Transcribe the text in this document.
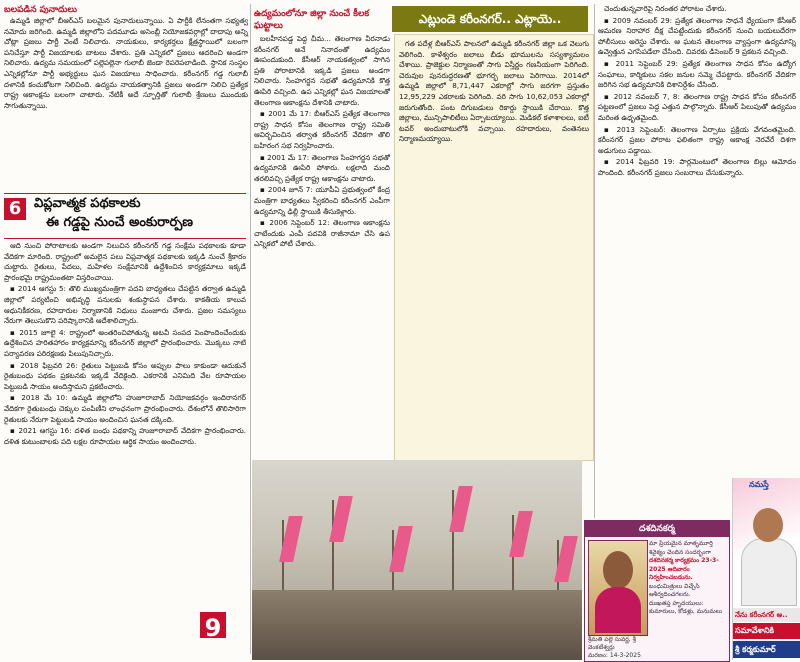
బలపడిన పునాదులు

ఉమ్మడి జిల్లాలో బీఆర్ఎస్ బలమైన పునాదులున్నాయి. ఏ పార్టీకి లేనంతగా సభ్యత్వ నమోదు జరిగింది. ఉమ్మడి జిల్లాలోని పదమూడు అసెంబ్లీ నియోజకవర్గాల్లో దాదాపు అన్ని చోట్లా ప్రజలు పార్టీ వెంటే నిలిచారు. నాయకులు, కార్యకర్తలు క్షేత్రస్థాయిలో బలంగా పనిచేస్తూ పార్టీ విజయాలకు బాటలు వేశారు. ప్రతి ఎన్నికలో ప్రజలు ఆదరించి అండగా నిలిచారు. ఉద్యమ సమయంలో పల్లెపల్లెనా గులాబీ జెండా రెపరెపలాడింది. స్థానిక సంస్థల ఎన్నికల్లోనూ పార్టీ అభ్యర్థులు ఘన విజయాలు సాధించారు. కరీంనగర్ గడ్డ గులాబీ దళానికి కంచుకోటగా నిలిచింది. ఉద్యమ నాయకత్వానికి ప్రజలు అండగా నిలిచి ప్రత్యేక రాష్ట్ర ఆకాంక్షను బలంగా చాటారు. నేటికీ అదే స్ఫూర్తితో గులాబీ శ్రేణులు ముందుకు సాగుతున్నాయి.

6 విప్లవాత్మక పథకాలకు
ఈ గడ్డపై నుంచే అంకురార్పణ

ఆది నుంచి పోరాటాలకు అండగా నిలుచిన కరీంనగర్ గడ్డ సంక్షేమ పథకాలకు కూడా వేదికగా మారింది. రాష్ట్రంలో అమలైన పలు విప్లవాత్మక పథకాలకు ఇక్కడి నుంచే శ్రీకారం చుట్టారు. రైతులు, పేదలు, మహిళల సంక్షేమానికి ఉద్దేశించిన కార్యక్రమాలు ఇక్కడే ప్రారంభమై రాష్ట్రమంతటా విస్తరించాయి.

▪ 2014 ఆగస్టు 5: తొలి ముఖ్యమంత్రిగా పదవి బాధ్యతలు చేపట్టిన తర్వాత ఉమ్మడి జిల్లాలో పర్యటించి అభివృద్ధి పనులకు శంకుస్థాపన చేశారు. కాకతీయ కాలువ ఆధునికీకరణ, రహదారుల నిర్మాణానికి నిధులు మంజూరు చేశారు. ప్రజల సమస్యలు నేరుగా తెలుసుకొని పరిష్కారానికి ఆదేశాలిచ్చారు.

▪ 2015 జూలై 4: రాష్ట్రంలో అంతరించిపోతున్న అటవీ సంపద పెంపొందించేందుకు ఉద్దేశించిన హరితహారం కార్యక్రమాన్ని కరీంనగర్ జిల్లాలో ప్రారంభించారు. మొక్కలు నాటి పర్యావరణ పరిరక్షణకు పిలుపునిచ్చారు.

▪ 2018 ఫిబ్రవరి 26: రైతులు పెట్టుబడి కోసం అప్పుల పాలు కాకుండా ఆదుకునే రైతుబంధు పథకం ప్రకటనకు ఇక్కడే వేదికైంది. ఎకరానికి ఎనిమిది వేల రూపాయల పెట్టుబడి సాయం అందిస్తామని ప్రకటించారు.

▪ 2018 మే 10: ఉమ్మడి జిల్లాలోని హుజూరాబాద్ నియోజకవర్గం ఇందిరానగర్ వేదికగా రైతుబంధు చెక్కుల పంపిణీని లాంఛనంగా ప్రారంభించారు. దేశంలోనే తొలిసారిగా రైతులకు నేరుగా పెట్టుబడి సాయం అందించిన ఘనత దక్కింది.

▪ 2021 ఆగస్టు 16: దళిత బంధు పథకాన్ని హుజూరాబాద్ వేదికగా ప్రారంభించారు. దళిత కుటుంబాలకు పది లక్షల రూపాయల ఆర్థిక సాయం అందించారు.

9
ఉద్యమంలోనూ జిల్లా నుంచే కీలక ఘట్టాలు

బలహీనపడ్డ పెద్ద చీమ... తెలంగాణ వీరనాడు కరీంనగర్ అనే నినాదంతో ఉద్యమం ఊపందుకుంది. కేసీఆర్ నాయకత్వంలో సాగిన ప్రతి పోరాటానికి ఇక్కడి ప్రజలు అండగా నిలిచారు. సింహగర్జన సభతో ఉద్యమానికి కొత్త ఊపిరి వచ్చింది. ఉప ఎన్నికల్లో ఘన విజయాలతో తెలంగాణ ఆకాంక్షను దేశానికి చాటారు.

▪ 2001 మే 17: బీఆర్ఎస్ ప్రత్యేక తెలంగాణ రాష్ట్ర సాధన కోసం తెలంగాణ రాష్ట్ర సమితి ఆవిర్భవించిన తర్వాత కరీంనగర్ వేదికగా తొలి బహిరంగ సభ నిర్వహించారు.

▪ 2001 మే 17: తెలంగాణ సింహగర్జన సభతో ఉద్యమానికి ఊపిరి పోశారు. లక్షలాది మంది తరలివచ్చి ప్రత్యేక రాష్ట్ర ఆకాంక్షను చాటారు.

▪ 2004 జూన్ 7: యూపీఏ ప్రభుత్వంలో కేంద్ర మంత్రిగా బాధ్యతలు స్వీకరించి కరీంనగర్ ఎంపీగా ఉద్యమాన్ని ఢిల్లీ స్థాయికి తీసుకెళ్లారు.

▪ 2006 సెప్టెంబర్ 12: తెలంగాణ ఆకాంక్షను చాటేందుకు ఎంపీ పదవికి రాజీనామా చేసి ఉప ఎన్నికలో పోటీ చేశారు.

ఎట్లుండె కరీంనగర్.. ఎట్లాయె..

గత పదేళ్ల బీఆర్ఎస్ పాలనలో ఉమ్మడి కరీంనగర్ జిల్లా ఒక వెలుగు వెలిగింది. కాళేశ్వరం జలాలు బీడు భూములను సస్యశ్యామలం చేశాయి. ప్రాజెక్టుల నిర్మాణంతో సాగు విస్తీర్ణం గణనీయంగా పెరిగింది. చెరువుల పునరుద్ధరణతో భూగర్భ జలాలు పెరిగాయి. 2014లో ఉమ్మడి జిల్లాలో 8,71,447 ఎకరాల్లో సాగు జరగగా ప్రస్తుతం 12,95,229 ఎకరాలకు పెరిగింది. వరి సాగు 10,62,053 ఎకరాల్లో జరుగుతోంది. పంట దిగుబడులు రికార్డు స్థాయికి చేరాయి. కొత్త జిల్లాలు, మున్సిపాలిటీలు ఏర్పాటయ్యాయి. మెడికల్ కళాశాలలు, ఐటీ టవర్ అందుబాటులోకి వచ్చాయి. రహదారులు, వంతెనలు నిర్మాణమయ్యాయి.

చెందుతున్నవారిపై నిరంతర పోరాటం చేశారు.

▪ 2009 నవంబర్ 29: ప్రత్యేక తెలంగాణ సాధనే ధ్యేయంగా కేసీఆర్ ఆమరణ నిరాహార దీక్ష చేపట్టేందుకు కరీంనగర్ నుంచి బయలుదేరగా పోలీసులు అరెస్టు చేశారు. ఆ ఘటన తెలంగాణ వ్యాప్తంగా ఉద్యమాన్ని ఉవ్వెత్తున ఎగసిపడేలా చేసింది. చివరకు డిసెంబర్ 9 ప్రకటన వచ్చింది.

▪ 2011 సెప్టెంబర్ 29: ప్రత్యేక తెలంగాణ సాధన కోసం ఉద్యోగ సంఘాలు, కార్మికులు సకల జనుల సమ్మె చేపట్టారు. కరీంనగర్ వేదికగా జరిగిన సభ ఉద్యమానికి దిశానిర్దేశం చేసింది.

▪ 2012 నవంబర్ 7, 8: తెలంగాణ రాష్ట్ర సాధన కోసం కరీంనగర్ పట్టణంలో ప్రజలు పెద్ద ఎత్తున పాల్గొన్నారు. కేసీఆర్ పిలుపుతో ఉద్యమం మరింత ఉధృతమైంది.

▪ 2013 సెప్టెంబర్: తెలంగాణ ఏర్పాటు ప్రక్రియ వేగవంతమైంది. కరీంనగర్ ప్రజల పోరాట ఫలితంగా రాష్ట్ర ఆకాంక్ష నెరవేరే దిశగా అడుగులు పడ్డాయి.

▪ 2014 ఫిబ్రవరి 19: పార్లమెంటులో తెలంగాణ బిల్లు ఆమోదం పొందింది. కరీంనగర్ ప్రజలు సంబరాలు చేసుకున్నారు.

దశదినకర్మ
శ్రీమతి పల్లె సువర్ణ, శ్రీ వెంకటేశ్వర్లు
మరణం: 14-3-2025
మా ప్రియమైన మాతృమూర్తి శివైక్యం చెందిన సందర్భంగా
దశదినకర్మ కార్యక్రమం 23-3-2025 ఆదివారం నిర్వహించబడును.
బంధుమిత్రులు విచ్చేసి ఆశీర్వదించగలరు.
దుఃఖతప్త హృదయులు: కుమారులు, కోడళ్లు, మనుమలు
నమస్తే
నేను కరీంనగర్ అ..
సమావేశానికి
శ్రీ కర్మకుమార్
